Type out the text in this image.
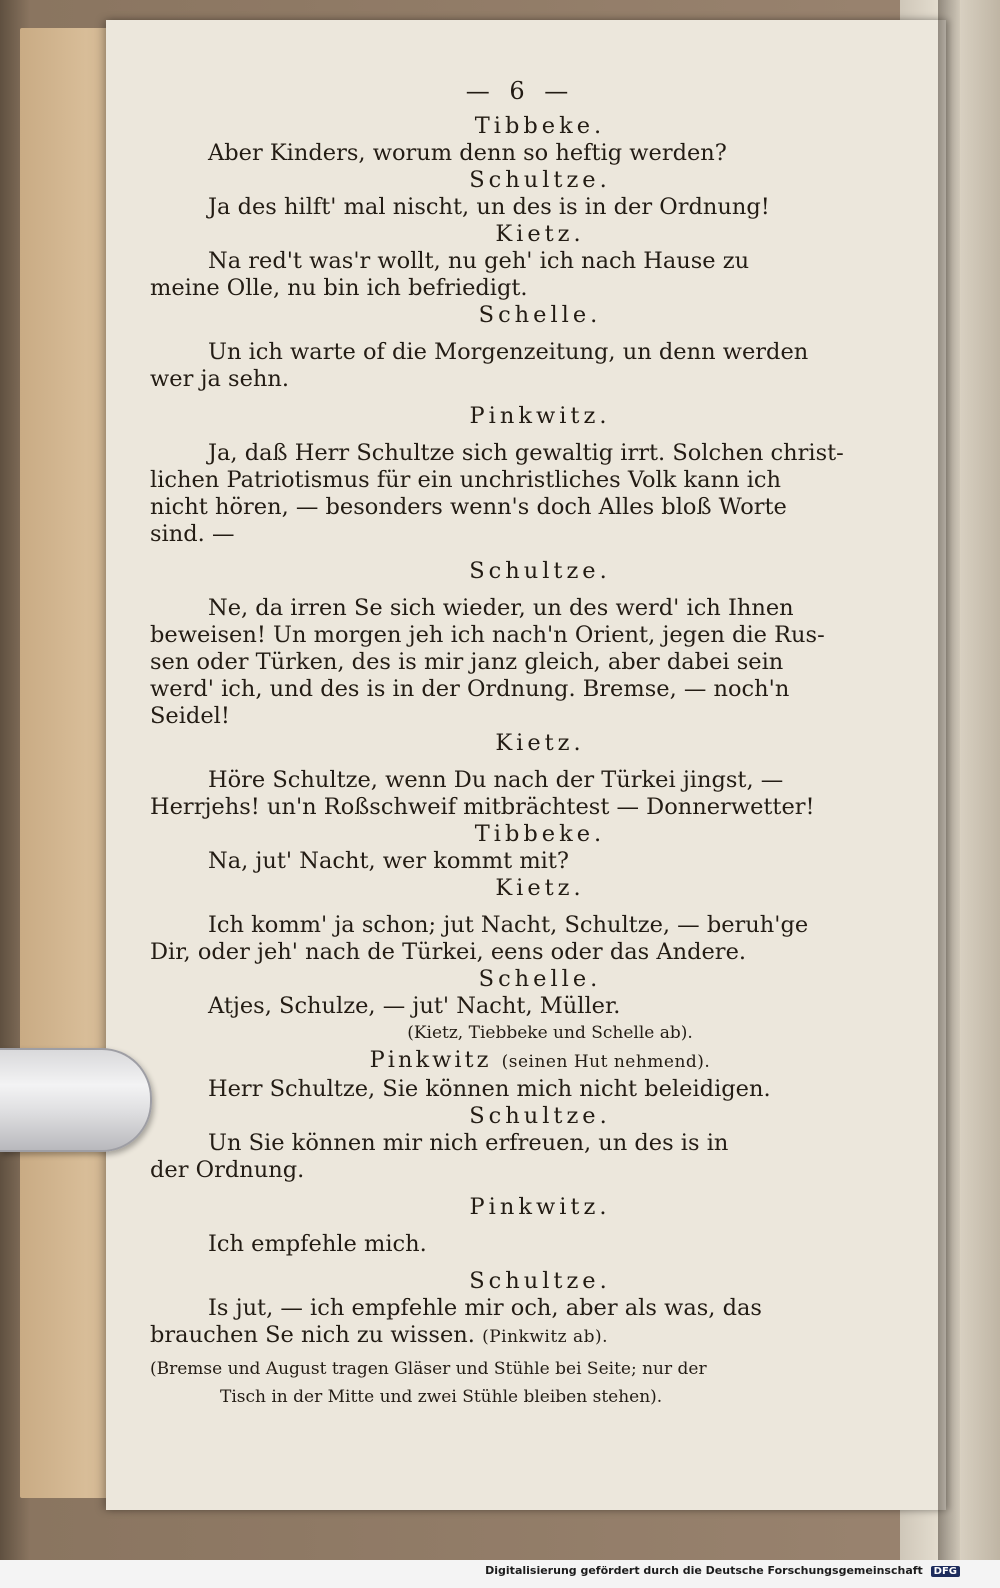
— 6 —

Tibbeke.

Aber Kinders, worum denn so heftig werden?

Schultze.

Ja des hilft' mal nischt, un des is in der Ordnung!

Kietz.

Na red't was'r wollt, nu geh' ich nach Hause zu

meine Olle, nu bin ich befriedigt.

Schelle.

Un ich warte of die Morgenzeitung, un denn werden

wer ja sehn.

Pinkwitz.

Ja, daß Herr Schultze sich gewaltig irrt. Solchen christ-

lichen Patriotismus für ein unchristliches Volk kann ich

nicht hören, — besonders wenn's doch Alles bloß Worte

sind. —

Schultze.

Ne, da irren Se sich wieder, un des werd' ich Ihnen

beweisen! Un morgen jeh ich nach'n Orient, jegen die Rus-

sen oder Türken, des is mir janz gleich, aber dabei sein

werd' ich, und des is in der Ordnung. Bremse, — noch'n

Seidel!

Kietz.

Höre Schultze, wenn Du nach der Türkei jingst, —

Herrjehs! un'n Roßschweif mitbrächtest — Donnerwetter!

Tibbeke.

Na, jut' Nacht, wer kommt mit?

Kietz.

Ich komm' ja schon; jut Nacht, Schultze, — beruh'ge

Dir, oder jeh' nach de Türkei, eens oder das Andere.

Schelle.

Atjes, Schulze, — jut' Nacht, Müller.

(Kietz, Tiebbeke und Schelle ab).

Pinkwitz (seinen Hut nehmend).

Herr Schultze, Sie können mich nicht beleidigen.

Schultze.

Un Sie können mir nich erfreuen, un des is in

der Ordnung.

Pinkwitz.

Ich empfehle mich.

Schultze.

Is jut, — ich empfehle mir och, aber als was, das

brauchen Se nich zu wissen. (Pinkwitz ab).

(Bremse und August tragen Gläser und Stühle bei Seite; nur der

Tisch in der Mitte und zwei Stühle bleiben stehen).

Digitalisierung gefördert durch die Deutsche Forschungsgemeinschaft DFG
